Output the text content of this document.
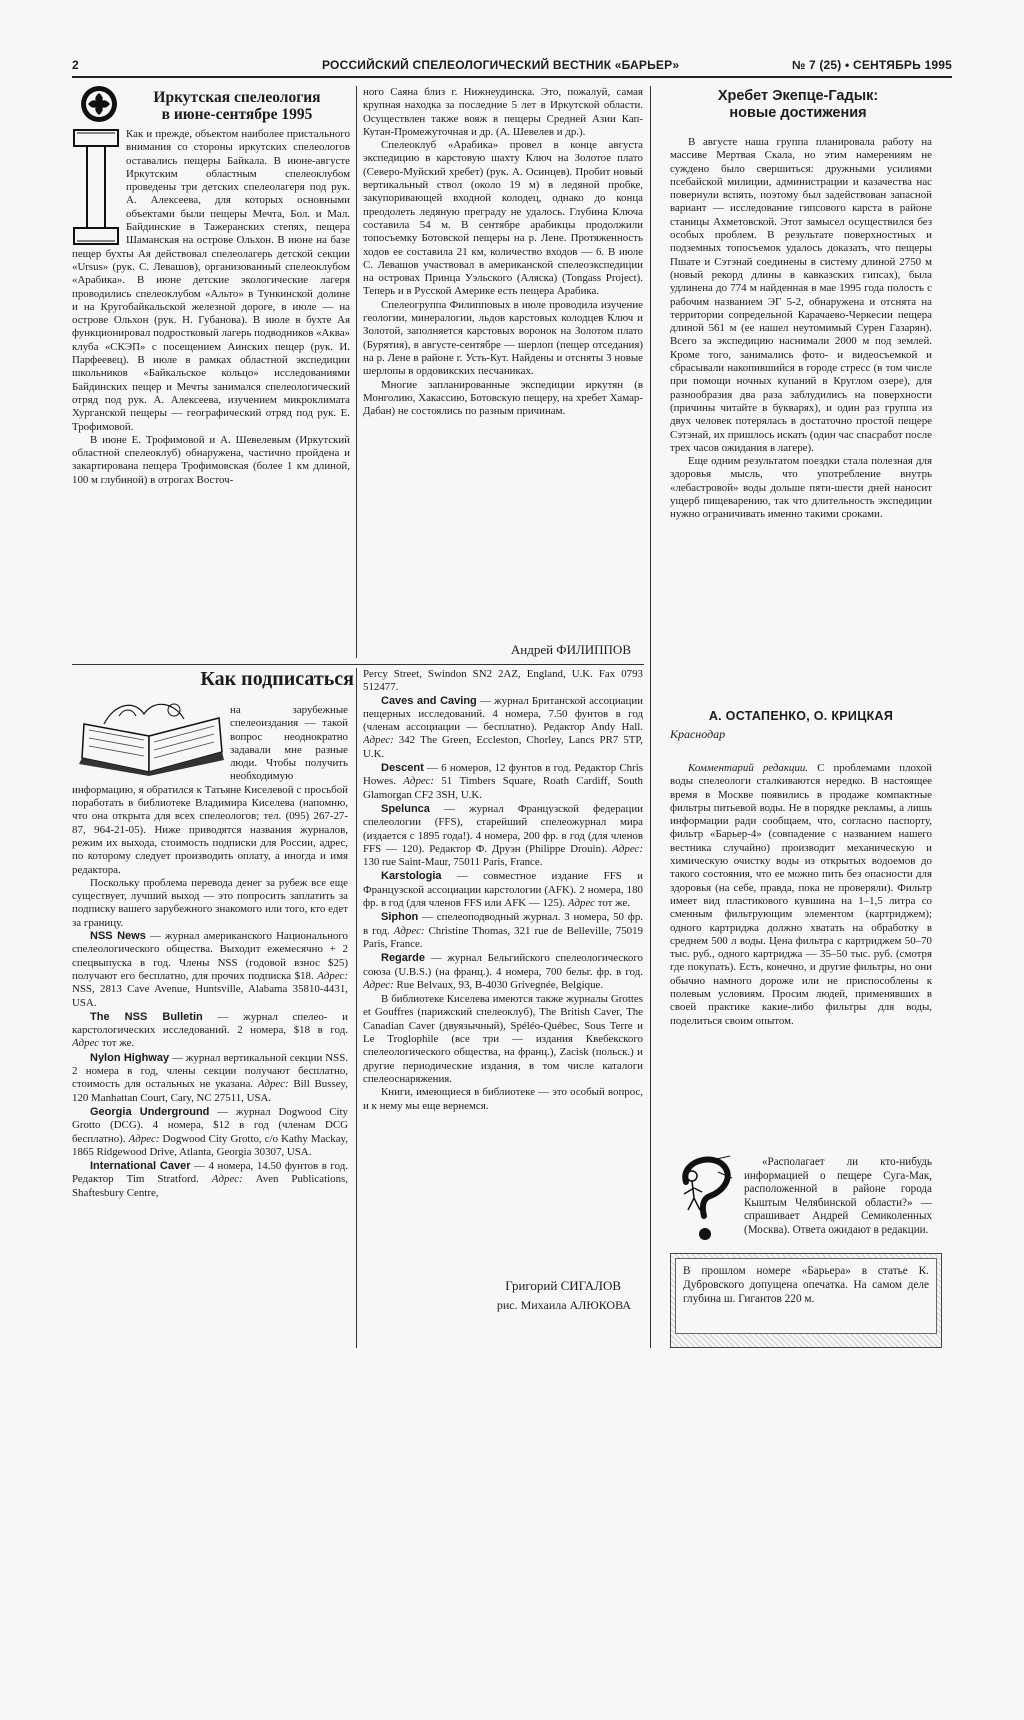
2	РОССИЙСКИЙ СПЕЛЕОЛОГИЧЕСКИЙ ВЕСТНИК «БАРЬЕР»	№ 7 (25) • СЕНТЯБРЬ 1995
Иркутская спелеология
в июне-сентябре 1995

Как и прежде, объектом наиболее пристального внимания со стороны иркутских спелеологов оставались пещеры Байкала. В июне-августе Иркутским областным спелеоклубом проведены три детских спелеолагеря под рук. А. Алексеева, для которых основными объектами были пещеры Мечта, Бол. и Мал. Байдинские в Тажеранских степях, пещера Шаманская на острове Ольхон. В июне на базе пещер бухты Ая действовал спелеолагерь детской секции «Ursus» (рук. С. Левашов), организованный спелеоклубом «Арабика». В июне детские экологические лагеря проводились спелеоклубом «Альто» в Тункинской долине и на Кругобайкальской железной дороге, в июле — на острове Ольхон (рук. Н. Губанова). В июле в бухте Ая функционировал подростковый лагерь подводников «Аква» клуба «СКЭП» с посещением Аинских пещер (рук. И. Парфеевец). В июле в рамках областной экспедиции школьников «Байкальское кольцо» исследованиями Байдинских пещер и Мечты занимался спелеологический отряд под рук. А. Алексеева, изучением микроклимата Хурганской пещеры — географический отряд под рук. Е. Трофимовой.

В июне Е. Трофимовой и А. Шевелевым (Иркутский областной спелеоклуб) обнаружена, частично пройдена и закартирована пещера Трофимовская (более 1 км длиной, 100 м глубиной) в отрогах Восточ-

ного Саяна близ г. Нижнеудинска. Это, пожалуй, самая крупная находка за последние 5 лет в Иркутской области. Осуществлен также вояж в пещеры Средней Азии Кап-Кутан-Промежуточная и др. (А. Шевелев и др.).

Спелеоклуб «Арабика» провел в конце августа экспедицию в карстовую шахту Ключ на Золотое плато (Северо-Муйский хребет) (рук. А. Осинцев). Пробит новый вертикальный ствол (около 19 м) в ледяной пробке, закупоривающей входной колодец, однако до конца преодолеть ледяную преграду не удалось. Глубина Ключа составила 54 м. В сентябре арабикцы продолжили топосъемку Ботовской пещеры на р. Лене. Протяженность ходов ее составила 21 км, количество входов — 6. В июле С. Левашов участвовал в американской спелеоэкспедиции на островах Принца Уэльского (Аляска) (Tongass Project). Теперь и в Русской Америке есть пещера Арабика.

Спелеогруппа Филипповых в июле проводила изучение геологии, минералогии, льдов карстовых колодцев Ключ и Золотой, заполняется карстовых воронок на Золотом плато (Бурятия), в августе-сентябре — шерлоп (пещер отседания) на р. Лене в районе г. Усть-Кут. Найдены и отсняты 3 новые шерлопы в ордовикских песчаниках.

Многие запланированные экспедиции иркутян (в Монголию, Хакассию, Ботовскую пещеру, на хребет Хамар-Дабан) не состоялись по разным причинам.

Андрей ФИЛИППОВ
Как подписаться

на зарубежные спелеоиздания — такой вопрос неоднократно задавали мне разные люди. Чтобы получить необходимую информацию, я обратился к Татьяне Киселевой с просьбой поработать в библиотеке Владимира Киселева (напомню, что она открыта для всех спелеологов; тел. (095) 267-27-87, 964-21-05). Ниже приводятся названия журналов, режим их выхода, стоимость подписки для России, адрес, по которому следует производить оплату, а иногда и имя редактора.

Поскольку проблема перевода денег за рубеж все еще существует, лучший выход — это попросить заплатить за подписку вашего зарубежного знакомого или того, кто едет за границу.

NSS News — журнал американского Национального спелеологического общества. Выходит ежемесячно + 2 спецвыпуска в год. Члены NSS (годовой взнос $25) получают его бесплатно, для прочих подписка $18. Адрес: NSS, 2813 Cave Avenue, Huntsville, Alabama 35810-4431, USA.

The NSS Bulletin — журнал спелео- и карстологических исследований. 2 номера, $18 в год. Адрес тот же.

Nylon Highway — журнал вертикальной секции NSS. 2 номера в год, члены секции получают бесплатно, стоимость для остальных не указана. Адрес: Bill Bussey, 120 Manhattan Court, Cary, NC 27511, USA.

Georgia Underground — журнал Dogwood City Grotto (DCG). 4 номера, $12 в год (членам DCG бесплатно). Адрес: Dogwood City Grotto, c/o Kathy Mackay, 1865 Ridgewood Drive, Atlanta, Georgia 30307, USA.

International Caver — 4 номера, 14.50 фунтов в год. Редактор Tim Stratford. Адрес: Aven Publications, Shaftesbury Centre,

Percy Street, Swindon SN2 2AZ, England, U.K. Fax 0793 512477.

Caves and Caving — журнал Британской ассоциации пещерных исследований. 4 номера, 7.50 фунтов в год (членам ассоциации — бесплатно). Редактор Andy Hall. Адрес: 342 The Green, Eccleston, Chorley, Lancs PR7 5TP, U.K.

Descent — 6 номеров, 12 фунтов в год. Редактор Chris Howes. Адрес: 51 Timbers Square, Roath Cardiff, South Glamorgan CF2 3SH, U.K.

Spelunca — журнал Французской федерации спелеологии (FFS), старейший спелеожурнал мира (издается с 1895 года!). 4 номера, 200 фр. в год (для членов FFS — 120). Редактор Ф. Друэн (Philippe Drouin). Адрес: 130 rue Saint-Maur, 75011 Paris, France.

Karstologia — совместное издание FFS и Французской ассоциации карстологии (AFK). 2 номера, 180 фр. в год (для членов FFS или AFK — 125). Адрес тот же.

Siphon — спелеоподводный журнал. 3 номера, 50 фр. в год. Адрес: Christine Thomas, 321 rue de Belleville, 75019 Paris, France.

Regarde — журнал Бельгийского спелеологического союза (U.B.S.) (на франц.). 4 номера, 700 бельг. фр. в год. Адрес: Rue Belvaux, 93, B-4030 Grivegnée, Belgique.

В библиотеке Киселева имеются также журналы Grottes et Gouffres (парижский спелеоклуб), The British Caver, The Canadian Caver (двуязычный), Spéléo-Québec, Sous Terre и Le Troglophile (все три — издания Квебекского спелеологического общества, на франц.), Zacisk (польск.) и другие периодические издания, в том числе каталоги спелеоснаряжения.

Книги, имеющиеся в библиотеке — это особый вопрос, и к нему мы еще вернемся.

Григорий СИГАЛОВ
рис. Михаила АЛЮКОВА
Хребет Экепце-Гадык:
новые достижения

В августе наша группа планировала работу на массиве Мертвая Скала, но этим намерениям не суждено было свершиться: дружными усилиями псебайской милиции, администрации и казачества нас повернули вспять, поэтому был задействован запасной вариант — исследование гипсового карста в районе станицы Ахметовской. Этот замысел осуществился без особых проблем. В результате поверхностных и подземных топосъемок удалось доказать, что пещеры Пшате и Сэтэнай соединены в систему длиной 2750 м (новый рекорд длины в кавказских гипсах), была удлинена до 774 м найденная в мае 1995 года полость с рабочим названием ЭГ 5-2, обнаружена и отснята на территории сопредельной Карачаево-Черкесии пещера длиной 561 м (ее нашел неутомимый Сурен Газарян). Всего за экспедицию наснимали 2000 м под землей. Кроме того, занимались фото- и видеосъемкой и сбрасывали накопившийся в городе стресс (в том числе при помощи ночных купаний в Круглом озере), для разнообразия два раза заблудились на поверхности (причины читайте в букварях), и один раз группа из двух человек потерялась в достаточно простой пещере Сэтэнай, их пришлось искать (один час спасработ после трех часов ожидания в лагере).

Еще одним результатом поездки стала полезная для здоровья мысль, что употребление внутрь «лебастровой» воды дольше пяти-шести дней наносит ущерб пищеварению, так что длительность экспедиции нужно ограничивать именно такими сроками.

А. ОСТАПЕНКО, О. КРИЦКАЯ
Краснодар

Комментарий редакции. С проблемами плохой воды спелеологи сталкиваются нередко. В настоящее время в Москве появились в продаже компактные фильтры питьевой воды. Не в порядке рекламы, а лишь информации ради сообщаем, что, согласно паспорту, фильтр «Барьер-4» (совпадение с названием нашего вестника случайно) производит механическую и химическую очистку воды из открытых водоемов до такого состояния, что ее можно пить без опасности для здоровья (на себе, правда, пока не проверяли). Фильтр имеет вид пластикового кувшина на 1–1,5 литра со сменным фильтрующим элементом (картриджем); одного картриджа должно хватать на обработку в среднем 500 л воды. Цена фильтра с картриджем 50–70 тыс. руб., одного картриджа — 35–50 тыс. руб. (смотря где покупать). Есть, конечно, и другие фильтры, но они обычно намного дороже или не приспособлены к полевым условиям. Просим людей, применявших в своей практике какие-либо фильтры для воды, поделиться своим опытом.

«Располагает ли кто-нибудь информацией о пещере Суга-Мак, расположенной в районе города Кыштым Челябинской области?» — спрашивает Андрей Семиколенных (Москва). Ответа ожидают в редакции.

В прошлом номере «Барьера» в статье К. Дубровского допущена опечатка. На самом деле глубина ш. Гигантов 220 м.
